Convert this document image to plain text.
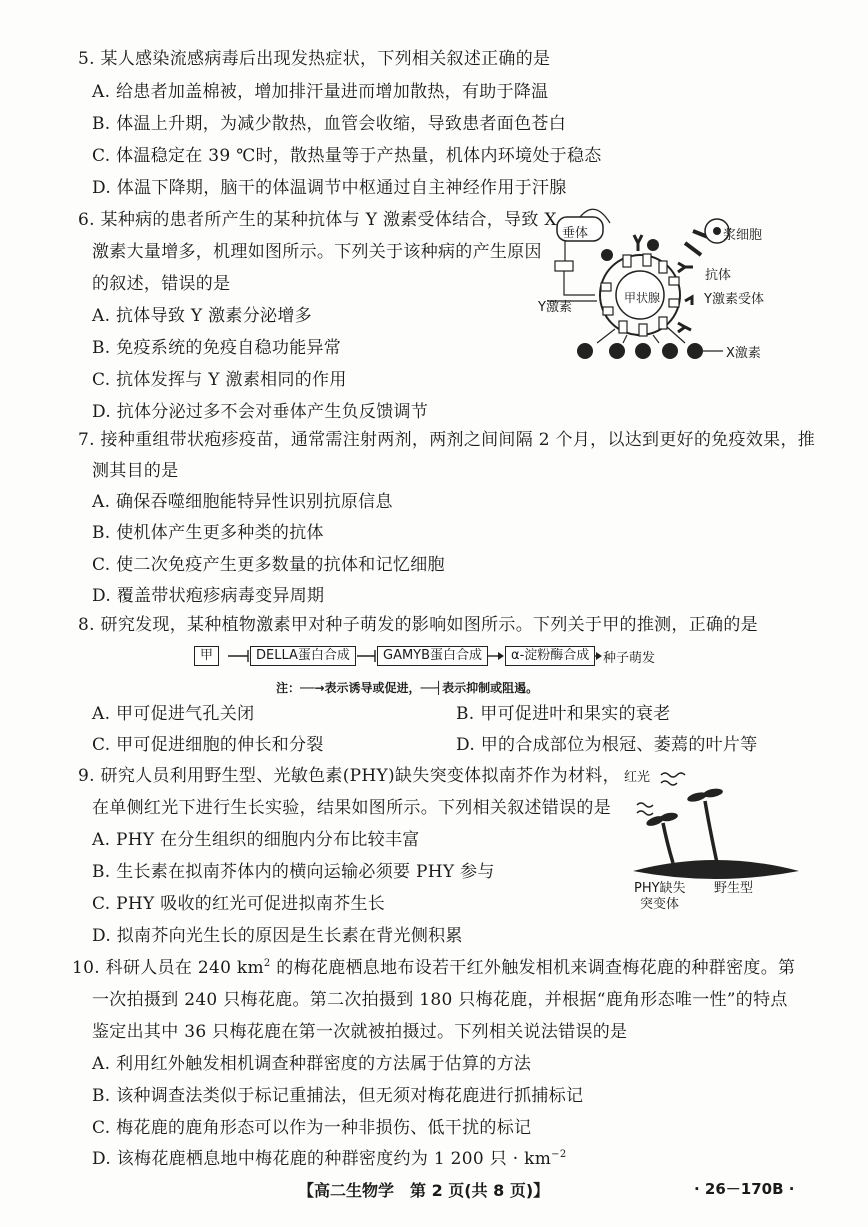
5. 某人感染流感病毒后出现发热症状，下列相关叙述正确的是
A. 给患者加盖棉被，增加排汗量进而增加散热，有助于降温
B. 体温上升期，为减少散热，血管会收缩，导致患者面色苍白
C. 体温稳定在 39 ℃时，散热量等于产热量，机体内环境处于稳态
D. 体温下降期，脑干的体温调节中枢通过自主神经作用于汗腺
6. 某种病的患者所产生的某种抗体与 Y 激素受体结合，导致 X
激素大量增多，机理如图所示。下列关于该种病的产生原因
的叙述，错误的是
A. 抗体导致 Y 激素分泌增多
B. 免疫系统的免疫自稳功能异常
C. 抗体发挥与 Y 激素相同的作用
D. 抗体分泌过多不会对垂体产生负反馈调节
垂体
甲状腺
浆细胞
抗体
Y激素受体
Y激素
X激素
7. 接种重组带状疱疹疫苗，通常需注射两剂，两剂之间间隔 2 个月，以达到更好的免疫效果，推
测其目的是
A. 确保吞噬细胞能特异性识别抗原信息
B. 使机体产生更多种类的抗体
C. 使二次免疫产生更多数量的抗体和记忆细胞
D. 覆盖带状疱疹病毒变异周期
8. 研究发现，某种植物激素甲对种子萌发的影响如图所示。下列关于甲的推测，正确的是
甲	DELLA蛋白合成	GAMYB蛋白合成	α-淀粉酶合成	种子萌发
注：──→表示诱导或促进，──┤表示抑制或阻遏。
A. 甲可促进气孔关闭	B. 甲可促进叶和果实的衰老
C. 甲可促进细胞的伸长和分裂	D. 甲的合成部位为根冠、萎蔫的叶片等
9. 研究人员利用野生型、光敏色素(PHY)缺失突变体拟南芥作为材料，
在单侧红光下进行生长实验，结果如图所示。下列相关叙述错误的是
A. PHY 在分生组织的细胞内分布比较丰富
B. 生长素在拟南芥体内的横向运输必须要 PHY 参与
C. PHY 吸收的红光可促进拟南芥生长
D. 拟南芥向光生长的原因是生长素在背光侧积累
红光
PHY缺失
突变体
野生型
10. 科研人员在 240 $km^2$ 的梅花鹿栖息地布设若干红外触发相机来调查梅花鹿的种群密度。第
一次拍摄到 240 只梅花鹿。第二次拍摄到 180 只梅花鹿，并根据“鹿角形态唯一性”的特点
鉴定出其中 36 只梅花鹿在第一次就被拍摄过。下列相关说法错误的是
A. 利用红外触发相机调查种群密度的方法属于估算的方法
B. 该种调查法类似于标记重捕法，但无须对梅花鹿进行抓捕标记
C. 梅花鹿的鹿角形态可以作为一种非损伤、低干扰的标记
D. 该梅花鹿栖息地中梅花鹿的种群密度约为 1 200 只 · $km^{-2}$
【高二生物学　第 2 页(共 8 页)】	· 26－170B ·
